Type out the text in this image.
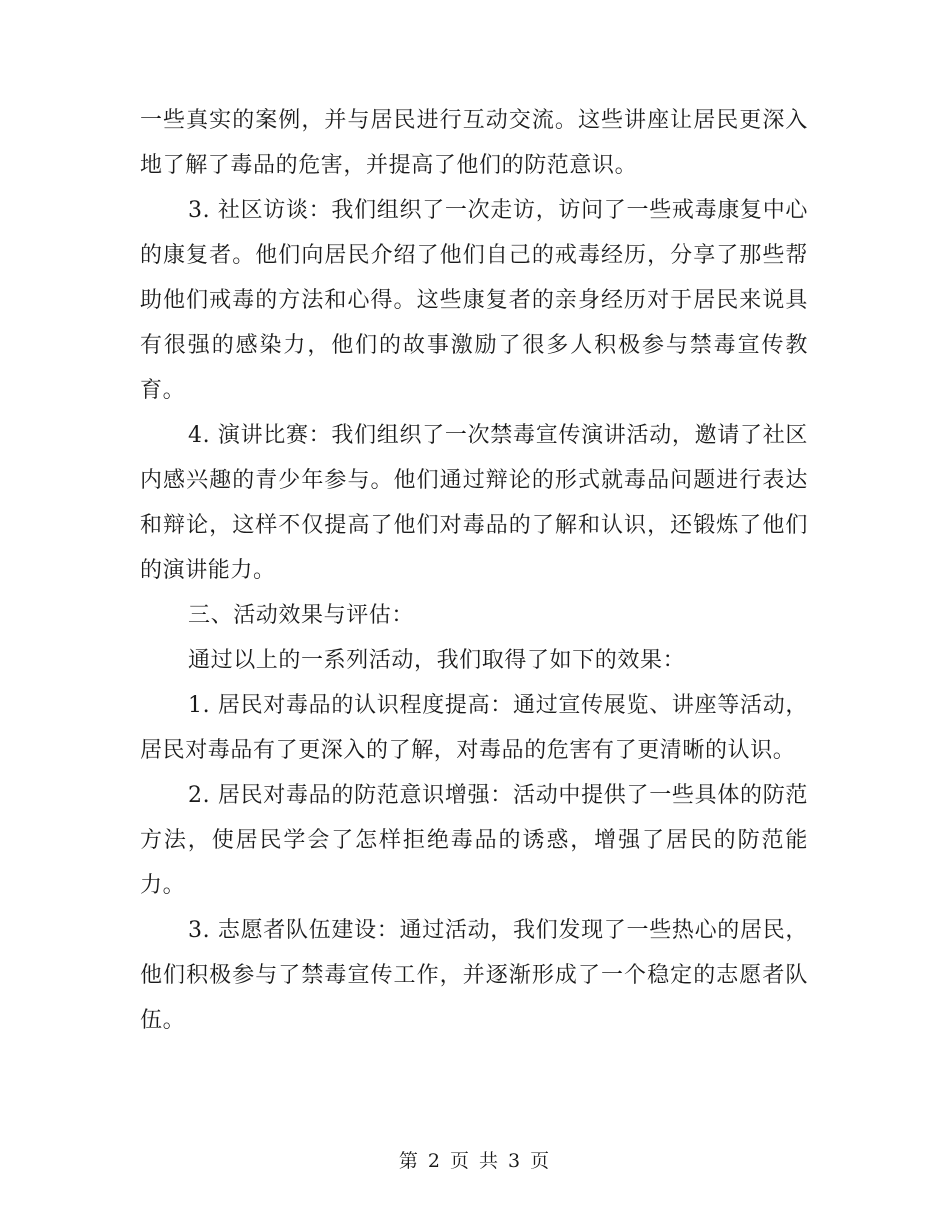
一些真实的案例，并与居民进行互动交流。这些讲座让居民更深入地了解了毒品的危害，并提高了他们的防范意识。

3. 社区访谈：我们组织了一次走访，访问了一些戒毒康复中心的康复者。他们向居民介绍了他们自己的戒毒经历，分享了那些帮助他们戒毒的方法和心得。这些康复者的亲身经历对于居民来说具有很强的感染力，他们的故事激励了很多人积极参与禁毒宣传教育。

4. 演讲比赛：我们组织了一次禁毒宣传演讲活动，邀请了社区内感兴趣的青少年参与。他们通过辩论的形式就毒品问题进行表达和辩论，这样不仅提高了他们对毒品的了解和认识，还锻炼了他们的演讲能力。

三、活动效果与评估：

通过以上的一系列活动，我们取得了如下的效果：

1. 居民对毒品的认识程度提高：通过宣传展览、讲座等活动，居民对毒品有了更深入的了解，对毒品的危害有了更清晰的认识。

2. 居民对毒品的防范意识增强：活动中提供了一些具体的防范方法，使居民学会了怎样拒绝毒品的诱惑，增强了居民的防范能力。

3. 志愿者队伍建设：通过活动，我们发现了一些热心的居民，他们积极参与了禁毒宣传工作，并逐渐形成了一个稳定的志愿者队伍。

第 2 页 共 3 页
